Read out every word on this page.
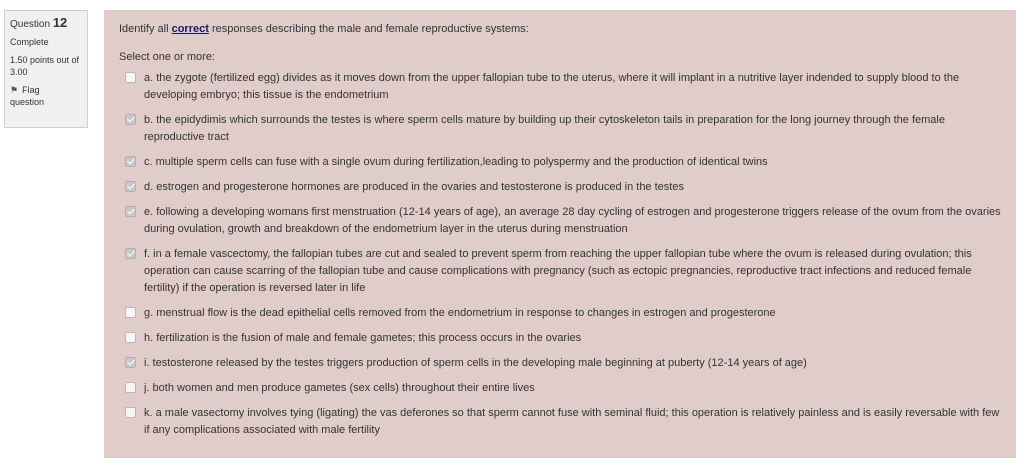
Question 12
Complete
1.50 points out of 3.00
⚑ Flag
question
Identify all correct responses describing the male and female reproductive systems:
Select one or more:
a. the zygote (fertilized egg) divides as it moves down from the upper fallopian tube to the uterus, where it will implant in a nutritive layer indended to supply blood to the developing embryo; this tissue is the endometrium
b. the epidydimis which surrounds the testes is where sperm cells mature by building up their cytoskeleton tails in preparation for the long journey through the female reproductive tract
c. multiple sperm cells can fuse with a single ovum during fertilization,leading to polyspermy and the production of identical twins
d. estrogen and progesterone hormones are produced in the ovaries and testosterone is produced in the testes
e. following a developing womans first menstruation (12-14 years of age), an average 28 day cycling of estrogen and progesterone triggers release of the ovum from the ovaries during ovulation, growth and breakdown of the endometrium layer in the uterus during menstruation
f. in a female vascectomy, the fallopian tubes are cut and sealed to prevent sperm from reaching the upper fallopian tube where the ovum is released during ovulation; this operation can cause scarring of the fallopian tube and cause complications with pregnancy (such as ectopic pregnancies, reproductive tract infections and reduced female fertility) if the operation is reversed later in life
g. menstrual flow is the dead epithelial cells removed from the endometrium in response to changes in estrogen and progesterone
h. fertilization is the fusion of male and female gametes; this process occurs in the ovaries
i. testosterone released by the testes triggers production of sperm cells in the developing male beginning at puberty (12-14 years of age)
j. both women and men produce gametes (sex cells) throughout their entire lives
k. a male vasectomy involves tying (ligating) the vas deferones so that sperm cannot fuse with seminal fluid; this operation is relatively painless and is easily reversable with few if any complications associated with male fertility
